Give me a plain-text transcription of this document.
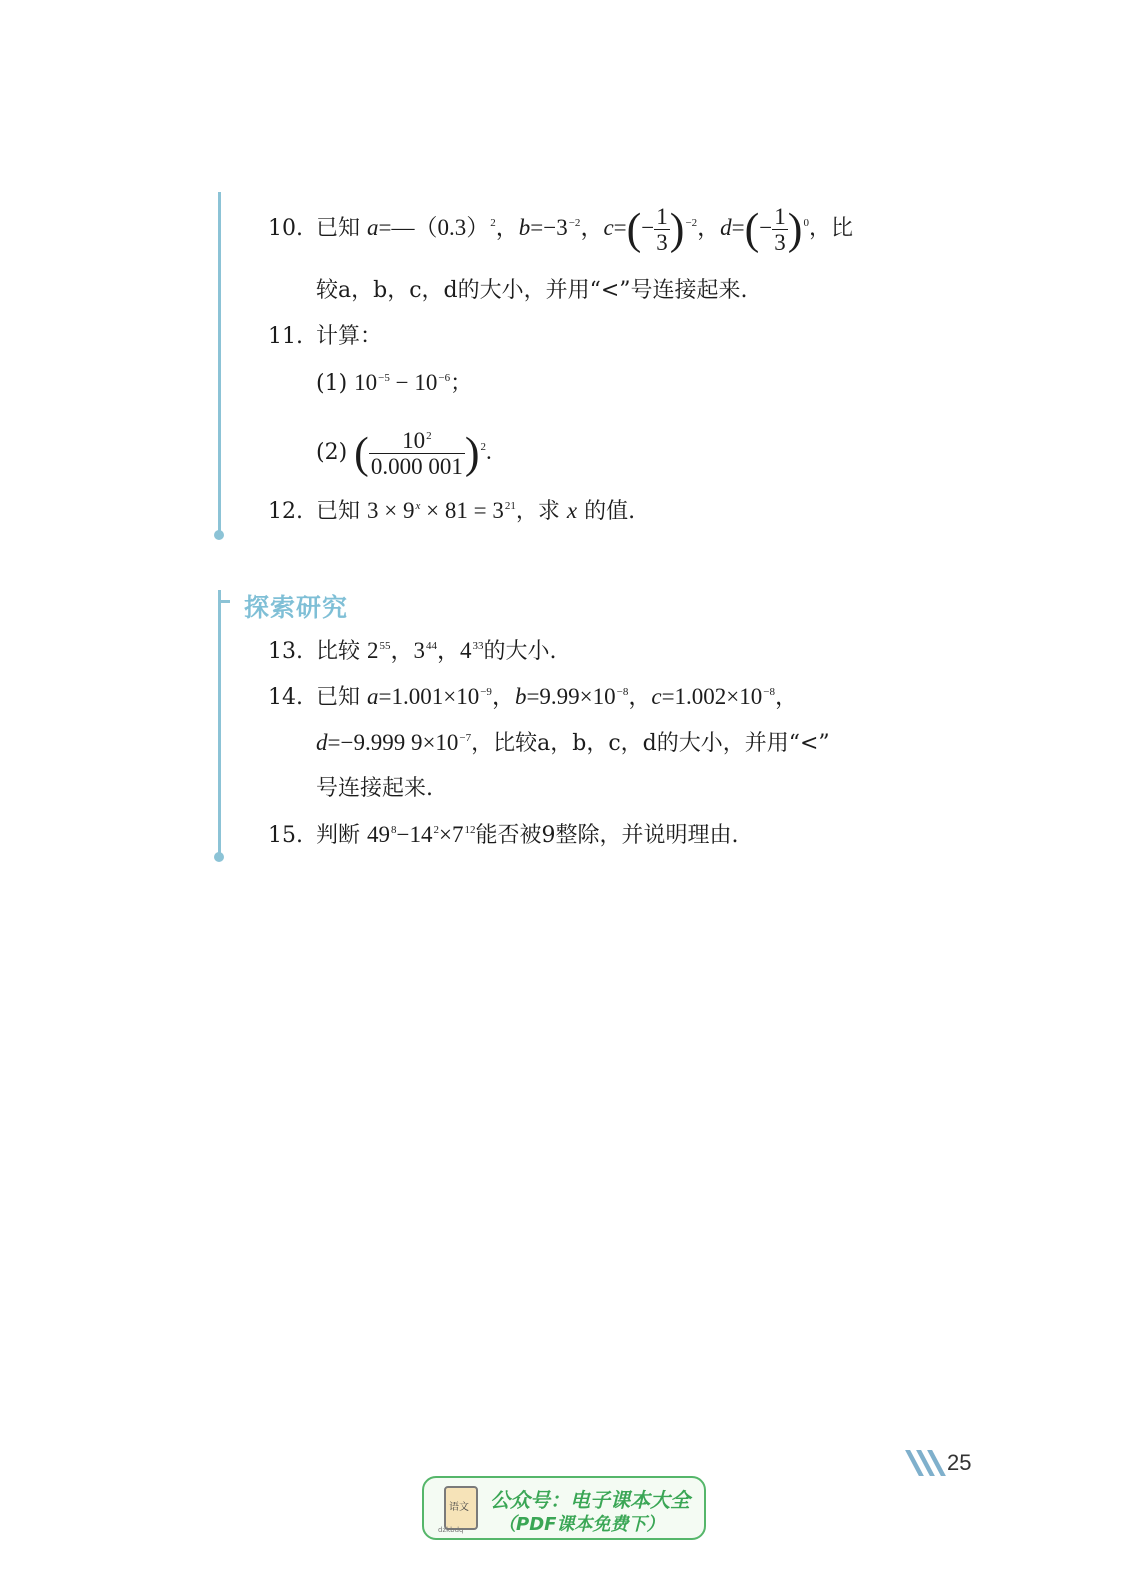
10. 已知 $a=—(0.3)^2$，$b=-3^{-2}$，$c=(- \frac{1}{3} )^{-2}$，$d=(- \frac{1}{3} )^0$，比
较a，b，c，d的大小，并用“<”号连接起来.
11. 计算：
(1) $10^{-5} - 10^{-6}$；
(2) ( $\frac{10^2}{0.000 001} )^2$.
12. 已知 $3 \times 9^x \times 81 = 3^{21}$，求 x 的值.
探索研究
13. 比较 $2^{55}$，$3^{44}$，$4^{33}$的大小.
14. 已知 $a=1.001\times 10^{-9}$，$b=9.99\times 10^{-8}$，$c=1.002\times 10^{-8}$，
d=−9.999 $9\times 10^{-7}$，比较a，b，c，d的大小，并用“<”
号连接起来.
15. 判断 $49^8-14^2\times 7^{12}$能否被9整除，并说明理由.
25
语文
dzkbdq
公众号：电子课本大全
（PDF课本免费下）
